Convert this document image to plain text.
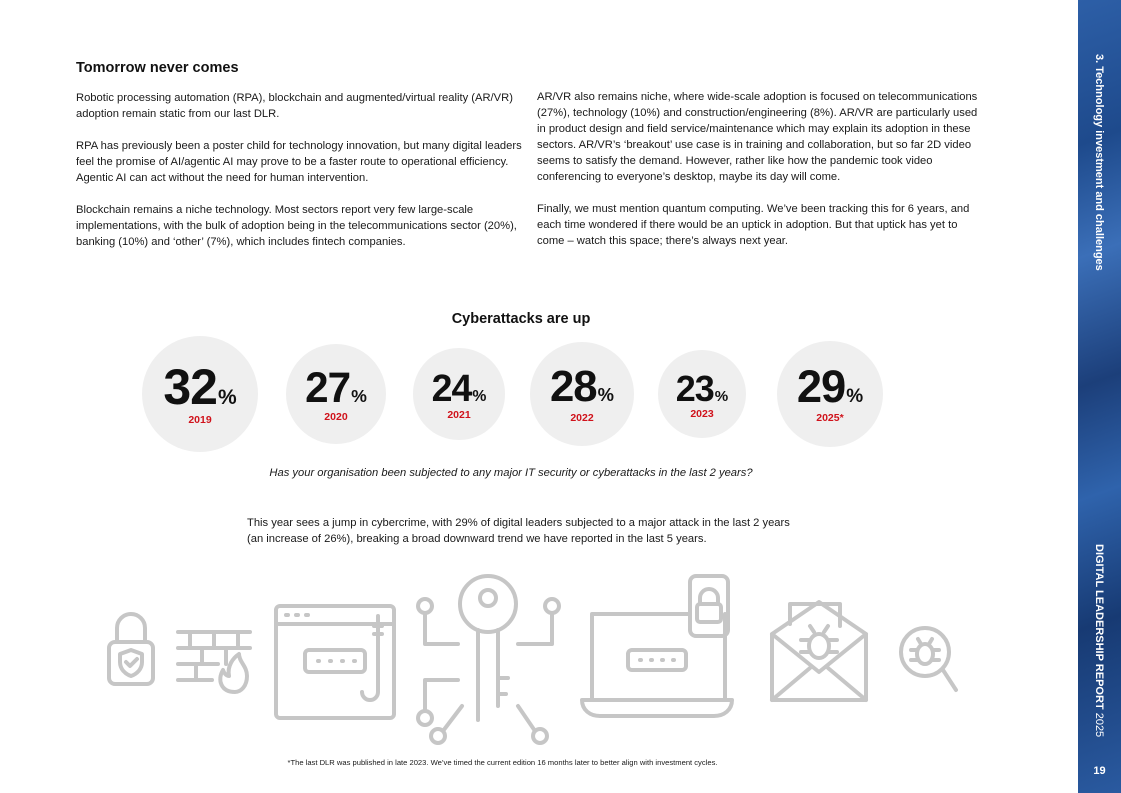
Tomorrow never comes

Robotic processing automation (RPA), blockchain and augmented/virtual reality (AR/VR) adoption remain static from our last DLR.

RPA has previously been a poster child for technology innovation, but many digital leaders feel the promise of AI/agentic AI may prove to be a faster route to operational efficiency. Agentic AI can act without the need for human intervention.

Blockchain remains a niche technology. Most sectors report very few large-scale implementations, with the bulk of adoption being in the telecommunications sector (20%), banking (10%) and ‘other’ (7%), which includes fintech companies.

AR/VR also remains niche, where wide-scale adoption is focused on telecommunications (27%), technology (10%) and construction/engineering (8%). AR/VR are particularly used in product design and field service/maintenance which may explain its adoption in these sectors. AR/VR’s ‘breakout’ use case is in training and collaboration, but so far 2D video seems to satisfy the demand. However, rather like how the pandemic took video conferencing to everyone’s desktop, maybe its day will come.

Finally, we must mention quantum computing. We’ve been tracking this for 6 years, and each time wondered if there would be an uptick in adoption. But that uptick has yet to come – watch this space; there’s always next year.

Cyberattacks are up
32%
2019
27%
2020
24%
2021
28%
2022
23%
2023
29%
2025*
Has your organisation been subjected to any major IT security or cyberattacks in the last 2 years?
This year sees a jump in cybercrime, with 29% of digital leaders subjected to a major attack in the last 2 years (an increase of 26%), breaking a broad downward trend we have reported in the last 5 years.
*The last DLR was published in late 2023. We’ve timed the current edition 16 months later to better align with investment cycles.
3. Technology investment and challenges
DIGITAL LEADERSHIP REPORT 2025
19
